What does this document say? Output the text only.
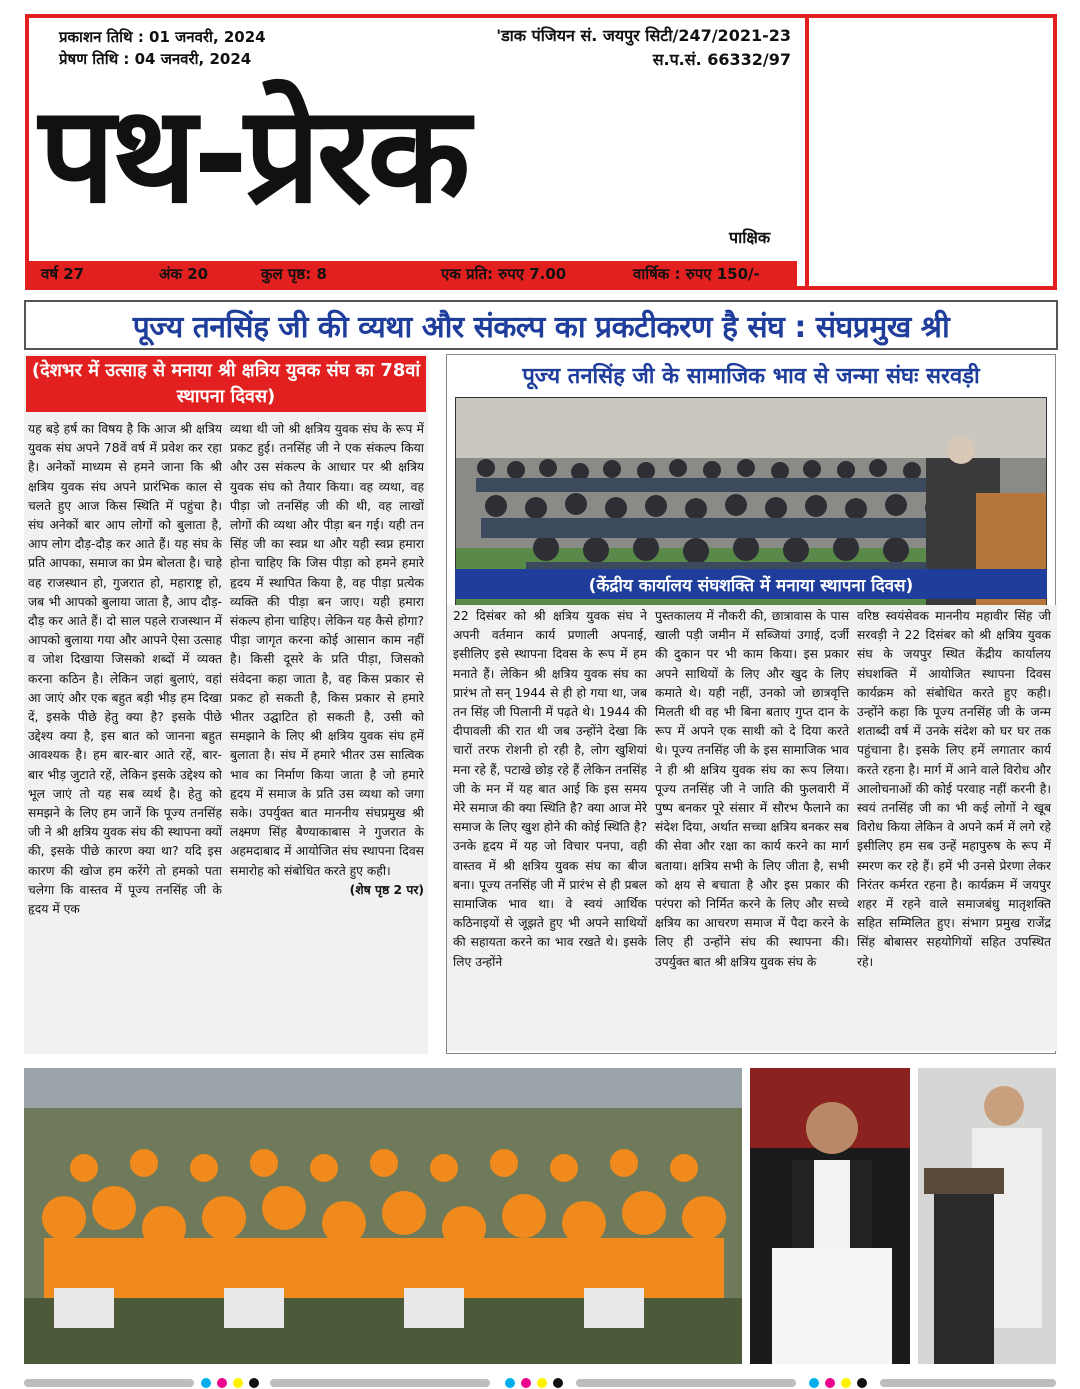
प्रकाशन तिथि : 01 जनवरी, 2024
प्रेषण तिथि : 04 जनवरी, 2024
'डाक पंजियन सं. जयपुर सिटी/247/2021-23
स.प.सं. 66332/97
पथ-प्रेरक
पाक्षिक
वर्ष 27	अंक 20	कुल पृष्ठ: 8	एक प्रति: रुपए 7.00	वार्षिक : रुपए 150/-
पूज्य तनसिंह जी की व्यथा और संकल्प का प्रकटीकरण है संघ : संघप्रमुख श्री
(देशभर में उत्साह से मनाया श्री क्षत्रिय युवक संघ का 78वां स्थापना दिवस)

यह बड़े हर्ष का विषय है कि आज श्री क्षत्रिय युवक संघ अपने 78वें वर्ष में प्रवेश कर रहा है। अनेकों माध्यम से हमने जाना कि श्री क्षत्रिय युवक संघ अपने प्रारंभिक काल से चलते हुए आज किस स्थिति में पहुंचा है। संघ अनेकों बार आप लोगों को बुलाता है, आप लोग दौड़-दौड़ कर आते हैं। यह संघ के प्रति आपका, समाज का प्रेम बोलता है। चाहे वह राजस्थान हो, गुजरात हो, महाराष्ट्र हो, जब भी आपको बुलाया जाता है, आप दौड़-दौड़ कर आते हैं। दो साल पहले राजस्थान में आपको बुलाया गया और आपने ऐसा उत्साह व जोश दिखाया जिसको शब्दों में व्यक्त करना कठिन है। लेकिन जहां बुलाएं, वहां आ जाएं और एक बहुत बड़ी भीड़ हम दिखा दें, इसके पीछे हेतु क्या है? इसके पीछे उद्देश्य क्या है, इस बात को जानना बहुत आवश्यक है। हम बार-बार आते रहें, बार-बार भीड़ जुटाते रहें, लेकिन इसके उद्देश्य को भूल जाएं तो यह सब व्यर्थ है। हेतु को समझने के लिए हम जानें कि पूज्य तनसिंह जी ने श्री क्षत्रिय युवक संघ की स्थापना क्यों की, इसके पीछे कारण क्या था? यदि इस कारण की खोज हम करेंगे तो हमको पता चलेगा कि वास्तव में पूज्य तनसिंह जी के हृदय में एक

व्यथा थी जो श्री क्षत्रिय युवक संघ के रूप में प्रकट हुई। तनसिंह जी ने एक संकल्प किया और उस संकल्प के आधार पर श्री क्षत्रिय युवक संघ को तैयार किया। वह व्यथा, वह पीड़ा जो तनसिंह जी की थी, वह लाखों लोगों की व्यथा और पीड़ा बन गई। यही तन सिंह जी का स्वप्न था और यही स्वप्न हमारा होना चाहिए कि जिस पीड़ा को हमने हमारे हृदय में स्थापित किया है, वह पीड़ा प्रत्येक व्यक्ति की पीड़ा बन जाए। यही हमारा संकल्प होना चाहिए। लेकिन यह कैसे होगा? पीड़ा जागृत करना कोई आसान काम नहीं है। किसी दूसरे के प्रति पीड़ा, जिसको संवेदना कहा जाता है, वह किस प्रकार से प्रकट हो सकती है, किस प्रकार से हमारे भीतर उद्घाटित हो सकती है, उसी को समझाने के लिए श्री क्षत्रिय युवक संघ हमें बुलाता है। संघ में हमारे भीतर उस सात्विक भाव का निर्माण किया जाता है जो हमारे हृदय में समाज के प्रति उस व्यथा को जगा सके। उपर्युक्त बात माननीय संघप्रमुख श्री लक्ष्मण सिंह बैण्याकाबास ने गुजरात के अहमदाबाद में आयोजित संघ स्थापना दिवस समारोह को संबोधित करते हुए कही।

(शेष पृष्ठ 2 पर)

पूज्य तनसिंह जी के सामाजिक भाव से जन्मा संघः सरवड़ी
(केंद्रीय कार्यालय संघशक्ति में मनाया स्थापना दिवस)

22 दिसंबर को श्री क्षत्रिय युवक संघ ने अपनी वर्तमान कार्य प्रणाली अपनाई, इसीलिए इसे स्थापना दिवस के रूप में हम मनाते हैं। लेकिन श्री क्षत्रिय युवक संघ का प्रारंभ तो सन् 1944 से ही हो गया था, जब तन सिंह जी पिलानी में पढ़ते थे। 1944 की दीपावली की रात थी जब उन्होंने देखा कि चारों तरफ रोशनी हो रही है, लोग खुशियां मना रहे हैं, पटाखे छोड़ रहे हैं लेकिन तनसिंह जी के मन में यह बात आई कि इस समय मेरे समाज की क्या स्थिति है? क्या आज मेरे समाज के लिए खुश होने की कोई स्थिति है? उनके हृदय में यह जो विचार पनपा, वही वास्तव में श्री क्षत्रिय युवक संघ का बीज बना। पूज्य तनसिंह जी में प्रारंभ से ही प्रबल सामाजिक भाव था। वे स्वयं आर्थिक कठिनाइयों से जूझते हुए भी अपने साथियों की सहायता करने का भाव रखते थे। इसके लिए उन्होंने

पुस्तकालय में नौकरी की, छात्रावास के पास खाली पड़ी जमीन में सब्जियां उगाई, दर्जी की दुकान पर भी काम किया। इस प्रकार अपने साथियों के लिए और खुद के लिए कमाते थे। यही नहीं, उनको जो छात्रवृत्ति मिलती थी वह भी बिना बताए गुप्त दान के रूप में अपने एक साथी को दे दिया करते थे। पूज्य तनसिंह जी के इस सामाजिक भाव ने ही श्री क्षत्रिय युवक संघ का रूप लिया। पूज्य तनसिंह जी ने जाति की फुलवारी में पुष्प बनकर पूरे संसार में सौरभ फैलाने का संदेश दिया, अर्थात सच्चा क्षत्रिय बनकर सब की सेवा और रक्षा का कार्य करने का मार्ग बताया। क्षत्रिय सभी के लिए जीता है, सभी को क्षय से बचाता है और इस प्रकार की परंपरा को निर्मित करने के लिए और सच्चे क्षत्रिय का आचरण समाज में पैदा करने के लिए ही उन्होंने संघ की स्थापना की। उपर्युक्त बात श्री क्षत्रिय युवक संघ के

वरिष्ठ स्वयंसेवक माननीय महावीर सिंह जी सरवड़ी ने 22 दिसंबर को श्री क्षत्रिय युवक संघ के जयपुर स्थित केंद्रीय कार्यालय संघशक्ति में आयोजित स्थापना दिवस कार्यक्रम को संबोधित करते हुए कही। उन्होंने कहा कि पूज्य तनसिंह जी के जन्म शताब्दी वर्ष में उनके संदेश को घर घर तक पहुंचाना है। इसके लिए हमें लगातार कार्य करते रहना है। मार्ग में आने वाले विरोध और आलोचनाओं की कोई परवाह नहीं करनी है। स्वयं तनसिंह जी का भी कई लोगों ने खूब विरोध किया लेकिन वे अपने कर्म में लगे रहे इसीलिए हम सब उन्हें महापुरुष के रूप में स्मरण कर रहे हैं। हमें भी उनसे प्रेरणा लेकर निरंतर कर्मरत रहना है। कार्यक्रम में जयपुर शहर में रहने वाले समाजबंधु मातृशक्ति सहित सम्मिलित हुए। संभाग प्रमुख राजेंद्र सिंह बोबासर सहयोगियों सहित उपस्थित रहे।
